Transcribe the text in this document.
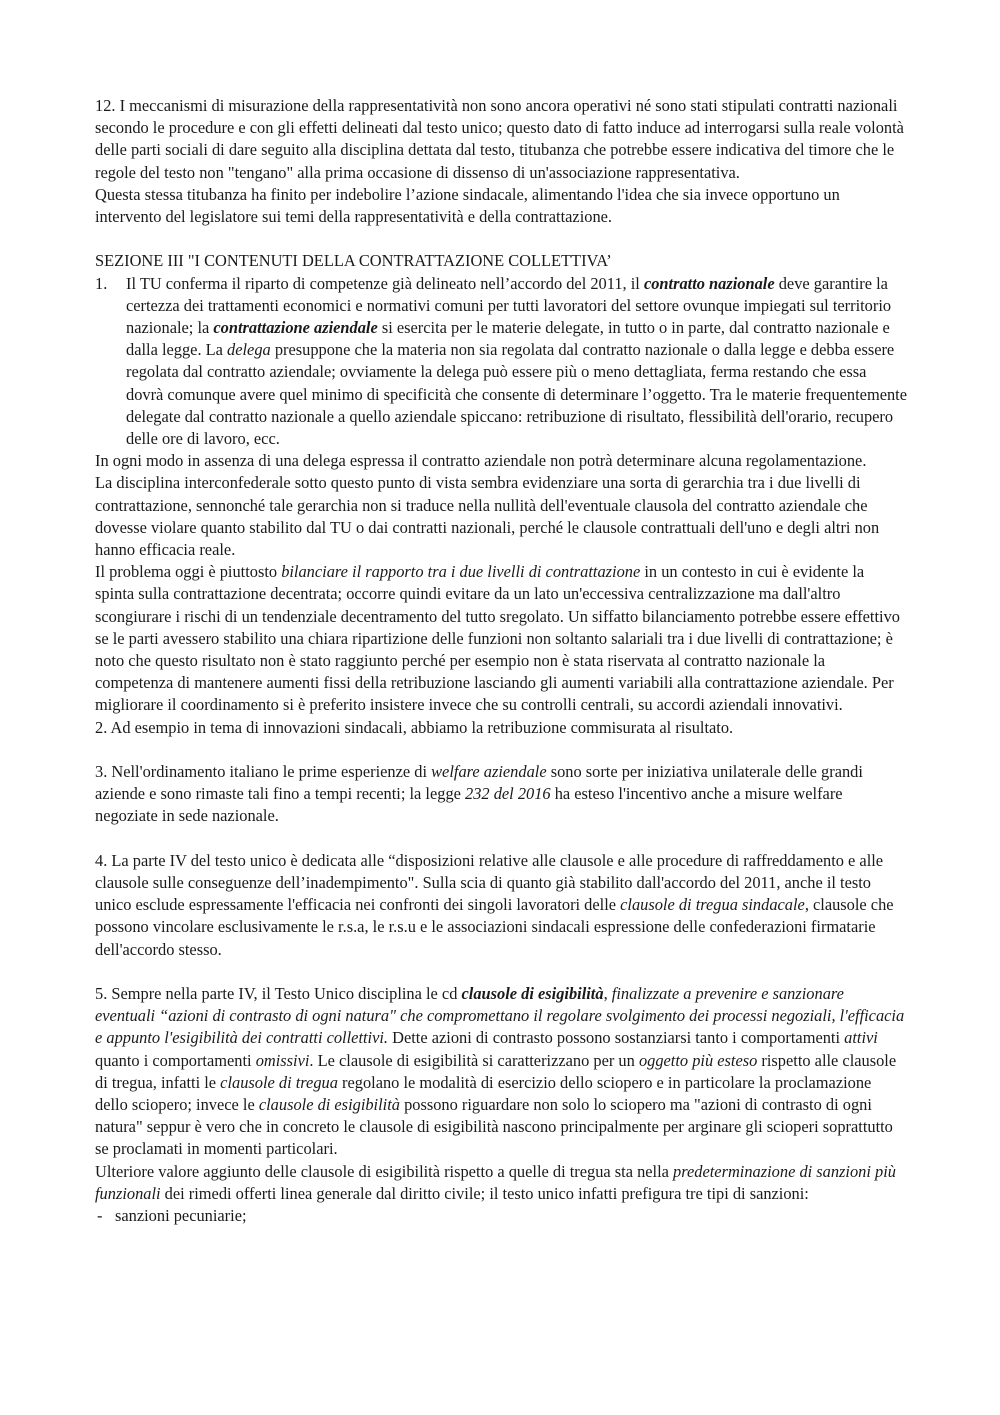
12. I meccanismi di misurazione della rappresentatività non sono ancora operativi né sono stati stipulati contratti nazionali secondo le procedure e con gli effetti delineati dal testo unico; questo dato di fatto induce ad interrogarsi sulla reale volontà delle parti sociali di dare seguito alla disciplina dettata dal testo, titubanza che potrebbe essere indicativa del timore che le regole del testo non "tengano" alla prima occasione di dissenso di un'associazione rappresentativa.

Questa stessa titubanza ha finito per indebolire l’azione sindacale, alimentando l'idea che sia invece opportuno un intervento del legislatore sui temi della rappresentatività e della contrattazione.

SEZIONE III "I CONTENUTI DELLA CONTRATTAZIONE COLLETTIVA’

1. Il TU conferma il riparto di competenze già delineato nell’accordo del 2011, il contratto nazionale deve garantire la certezza dei trattamenti economici e normativi comuni per tutti lavoratori del settore ovunque impiegati sul territorio nazionale; la contrattazione aziendale si esercita per le materie delegate, in tutto o in parte, dal contratto nazionale e dalla legge. La delega presuppone che la materia non sia regolata dal contratto nazionale o dalla legge e debba essere regolata dal contratto aziendale; ovviamente la delega può essere più o meno dettagliata, ferma restando che essa dovrà comunque avere quel minimo di specificità che consente di determinare l’oggetto. Tra le materie frequentemente delegate dal contratto nazionale a quello aziendale spiccano: retribuzione di risultato, flessibilità dell'orario, recupero delle ore di lavoro, ecc.

In ogni modo in assenza di una delega espressa il contratto aziendale non potrà determinare alcuna regolamentazione.

La disciplina interconfederale sotto questo punto di vista sembra evidenziare una sorta di gerarchia tra i due livelli di contrattazione, sennonché tale gerarchia non si traduce nella nullità dell'eventuale clausola del contratto aziendale che dovesse violare quanto stabilito dal TU o dai contratti nazionali, perché le clausole contrattuali dell'uno e degli altri non hanno efficacia reale.

Il problema oggi è piuttosto bilanciare il rapporto tra i due livelli di contrattazione in un contesto in cui è evidente la spinta sulla contrattazione decentrata; occorre quindi evitare da un lato un'eccessiva centralizzazione ma dall'altro scongiurare i rischi di un tendenziale decentramento del tutto sregolato. Un siffatto bilanciamento potrebbe essere effettivo se le parti avessero stabilito una chiara ripartizione delle funzioni non soltanto salariali tra i due livelli di contrattazione; è noto che questo risultato non è stato raggiunto perché per esempio non è stata riservata al contratto nazionale la competenza di mantenere aumenti fissi della retribuzione lasciando gli aumenti variabili alla contrattazione aziendale. Per migliorare il coordinamento si è preferito insistere invece che su controlli centrali, su accordi aziendali innovativi.

2. Ad esempio in tema di innovazioni sindacali, abbiamo la retribuzione commisurata al risultato.

3. Nell'ordinamento italiano le prime esperienze di welfare aziendale sono sorte per iniziativa unilaterale delle grandi aziende e sono rimaste tali fino a tempi recenti; la legge 232 del 2016 ha esteso l'incentivo anche a misure welfare negoziate in sede nazionale.

4. La parte IV del testo unico è dedicata alle “disposizioni relative alle clausole e alle procedure di raffreddamento e alle clausole sulle conseguenze dell’inadempimento". Sulla scia di quanto già stabilito dall'accordo del 2011, anche il testo unico esclude espressamente l'efficacia nei confronti dei singoli lavoratori delle clausole di tregua sindacale, clausole che possono vincolare esclusivamente le r.s.a, le r.s.u e le associazioni sindacali espressione delle confederazioni firmatarie dell'accordo stesso.

5. Sempre nella parte IV, il Testo Unico disciplina le cd clausole di esigibilità, finalizzate a prevenire e sanzionare eventuali “azioni di contrasto di ogni natura" che compromettano il regolare svolgimento dei processi negoziali, l'efficacia e appunto l'esigibilità dei contratti collettivi. Dette azioni di contrasto possono sostanziarsi tanto i comportamenti attivi quanto i comportamenti omissivi. Le clausole di esigibilità si caratterizzano per un oggetto più esteso rispetto alle clausole di tregua, infatti le clausole di tregua regolano le modalità di esercizio dello sciopero e in particolare la proclamazione dello sciopero; invece le clausole di esigibilità possono riguardare non solo lo sciopero ma "azioni di contrasto di ogni natura" seppur è vero che in concreto le clausole di esigibilità nascono principalmente per arginare gli scioperi soprattutto se proclamati in momenti particolari.

Ulteriore valore aggiunto delle clausole di esigibilità rispetto a quelle di tregua sta nella predeterminazione di sanzioni più funzionali dei rimedi offerti linea generale dal diritto civile; il testo unico infatti prefigura tre tipi di sanzioni:

- sanzioni pecuniarie;
